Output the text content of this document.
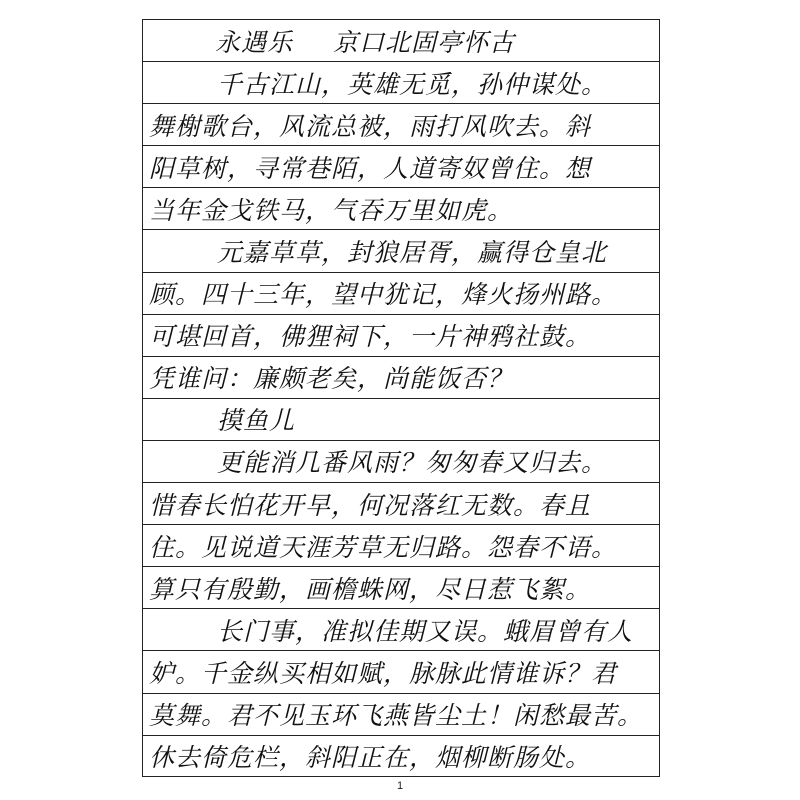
永遇乐 京口北固亭怀古
千古江山，英雄无觅，孙仲谋处。
舞榭歌台，风流总被，雨打风吹去。斜
阳草树，寻常巷陌，人道寄奴曾住。想
当年金戈铁马，气吞万里如虎。
元嘉草草，封狼居胥，赢得仓皇北
顾。四十三年，望中犹记，烽火扬州路。
可堪回首，佛狸祠下，一片神鸦社鼓。
凭谁问：廉颇老矣，尚能饭否？
摸鱼儿
更能消几番风雨？匆匆春又归去。
惜春长怕花开早，何况落红无数。春且
住。见说道天涯芳草无归路。怨春不语。
算只有殷勤，画檐蛛网，尽日惹飞絮。
长门事，准拟佳期又误。蛾眉曾有人
妒。千金纵买相如赋，脉脉此情谁诉？君
莫舞。君不见玉环飞燕皆尘土！闲愁最苦。
休去倚危栏，斜阳正在，烟柳断肠处。
1
